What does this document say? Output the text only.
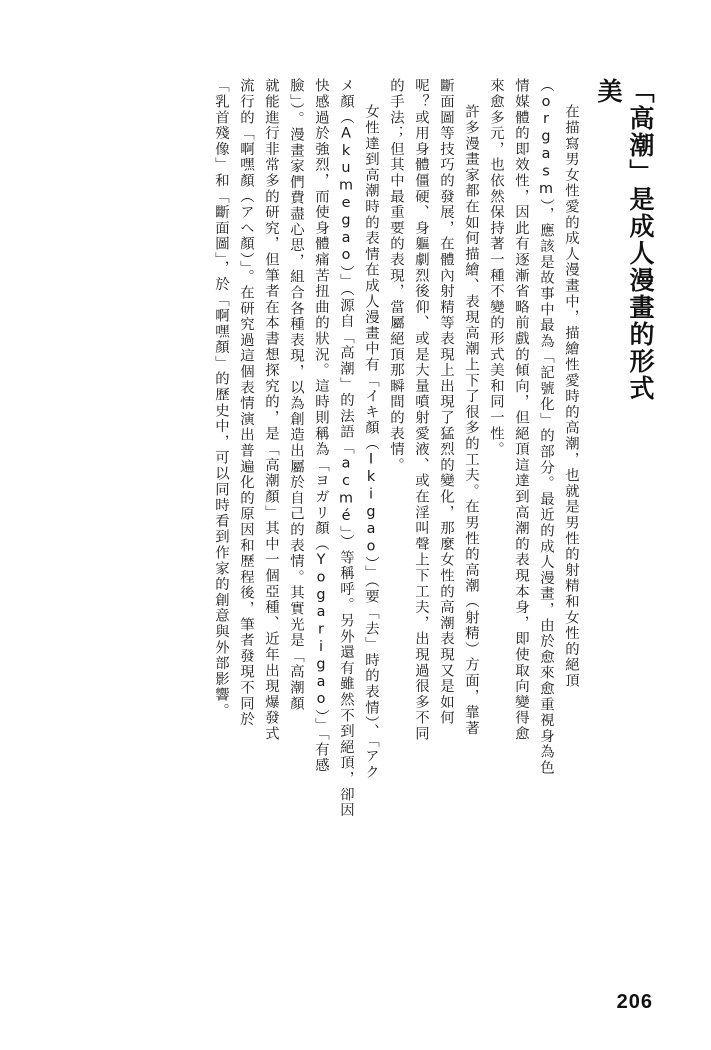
「高潮」是成人漫畫的形式美
在描寫男女性愛的成人漫畫中，描繪性愛時的高潮，也就是男性的射精和女性的絕頂
（orgasm），應該是故事中最為「記號化」的部分。最近的成人漫畫，由於愈來愈重視身為色
情媒體的即效性，因此有逐漸省略前戲的傾向，但絕頂這達到高潮的表現本身，即使取向變得愈
來愈多元，也依然保持著一種不變的形式美和同一性。
許多漫畫家都在如何描繪、表現高潮上下了很多的工夫。在男性的高潮（射精）方面，靠著
斷面圖等技巧的發展，在體內射精等表現上出現了猛烈的變化，那麼女性的高潮表現又是如何
呢？或用身體僵硬、身軀劇烈後仰、或是大量噴射愛液、或在淫叫聲上下工夫，出現過很多不同
的手法；但其中最重要的表現，當屬絕頂那瞬間的表情。
女性達到高潮時的表情在成人漫畫中有「イキ顏（Ikigao）」（要「去」時的表情）、「アク
メ顏（Akumegao）」（源自「高潮」的法語「acmé」）等稱呼。另外還有雖然不到絕頂，卻因
快感過於強烈，而使身體痛苦扭曲的狀況。這時則稱為「ヨガリ顏（Yogarigao）」「有感
臉」）。漫畫家們費盡心思，組合各種表現，以為創造出屬於自己的表情。其實光是「高潮顏
就能進行非常多的研究，但筆者在本書想探究的，是「高潮顏」其中一個亞種、近年出現爆發式
流行的「啊嘿顏（アヘ顏）」。在研究過這個表情演出普遍化的原因和歷程後，筆者發現不同於
「乳首殘像」和「斷面圖」，於「啊嘿顏」的歷史中，可以同時看到作家的創意與外部影響。
206
